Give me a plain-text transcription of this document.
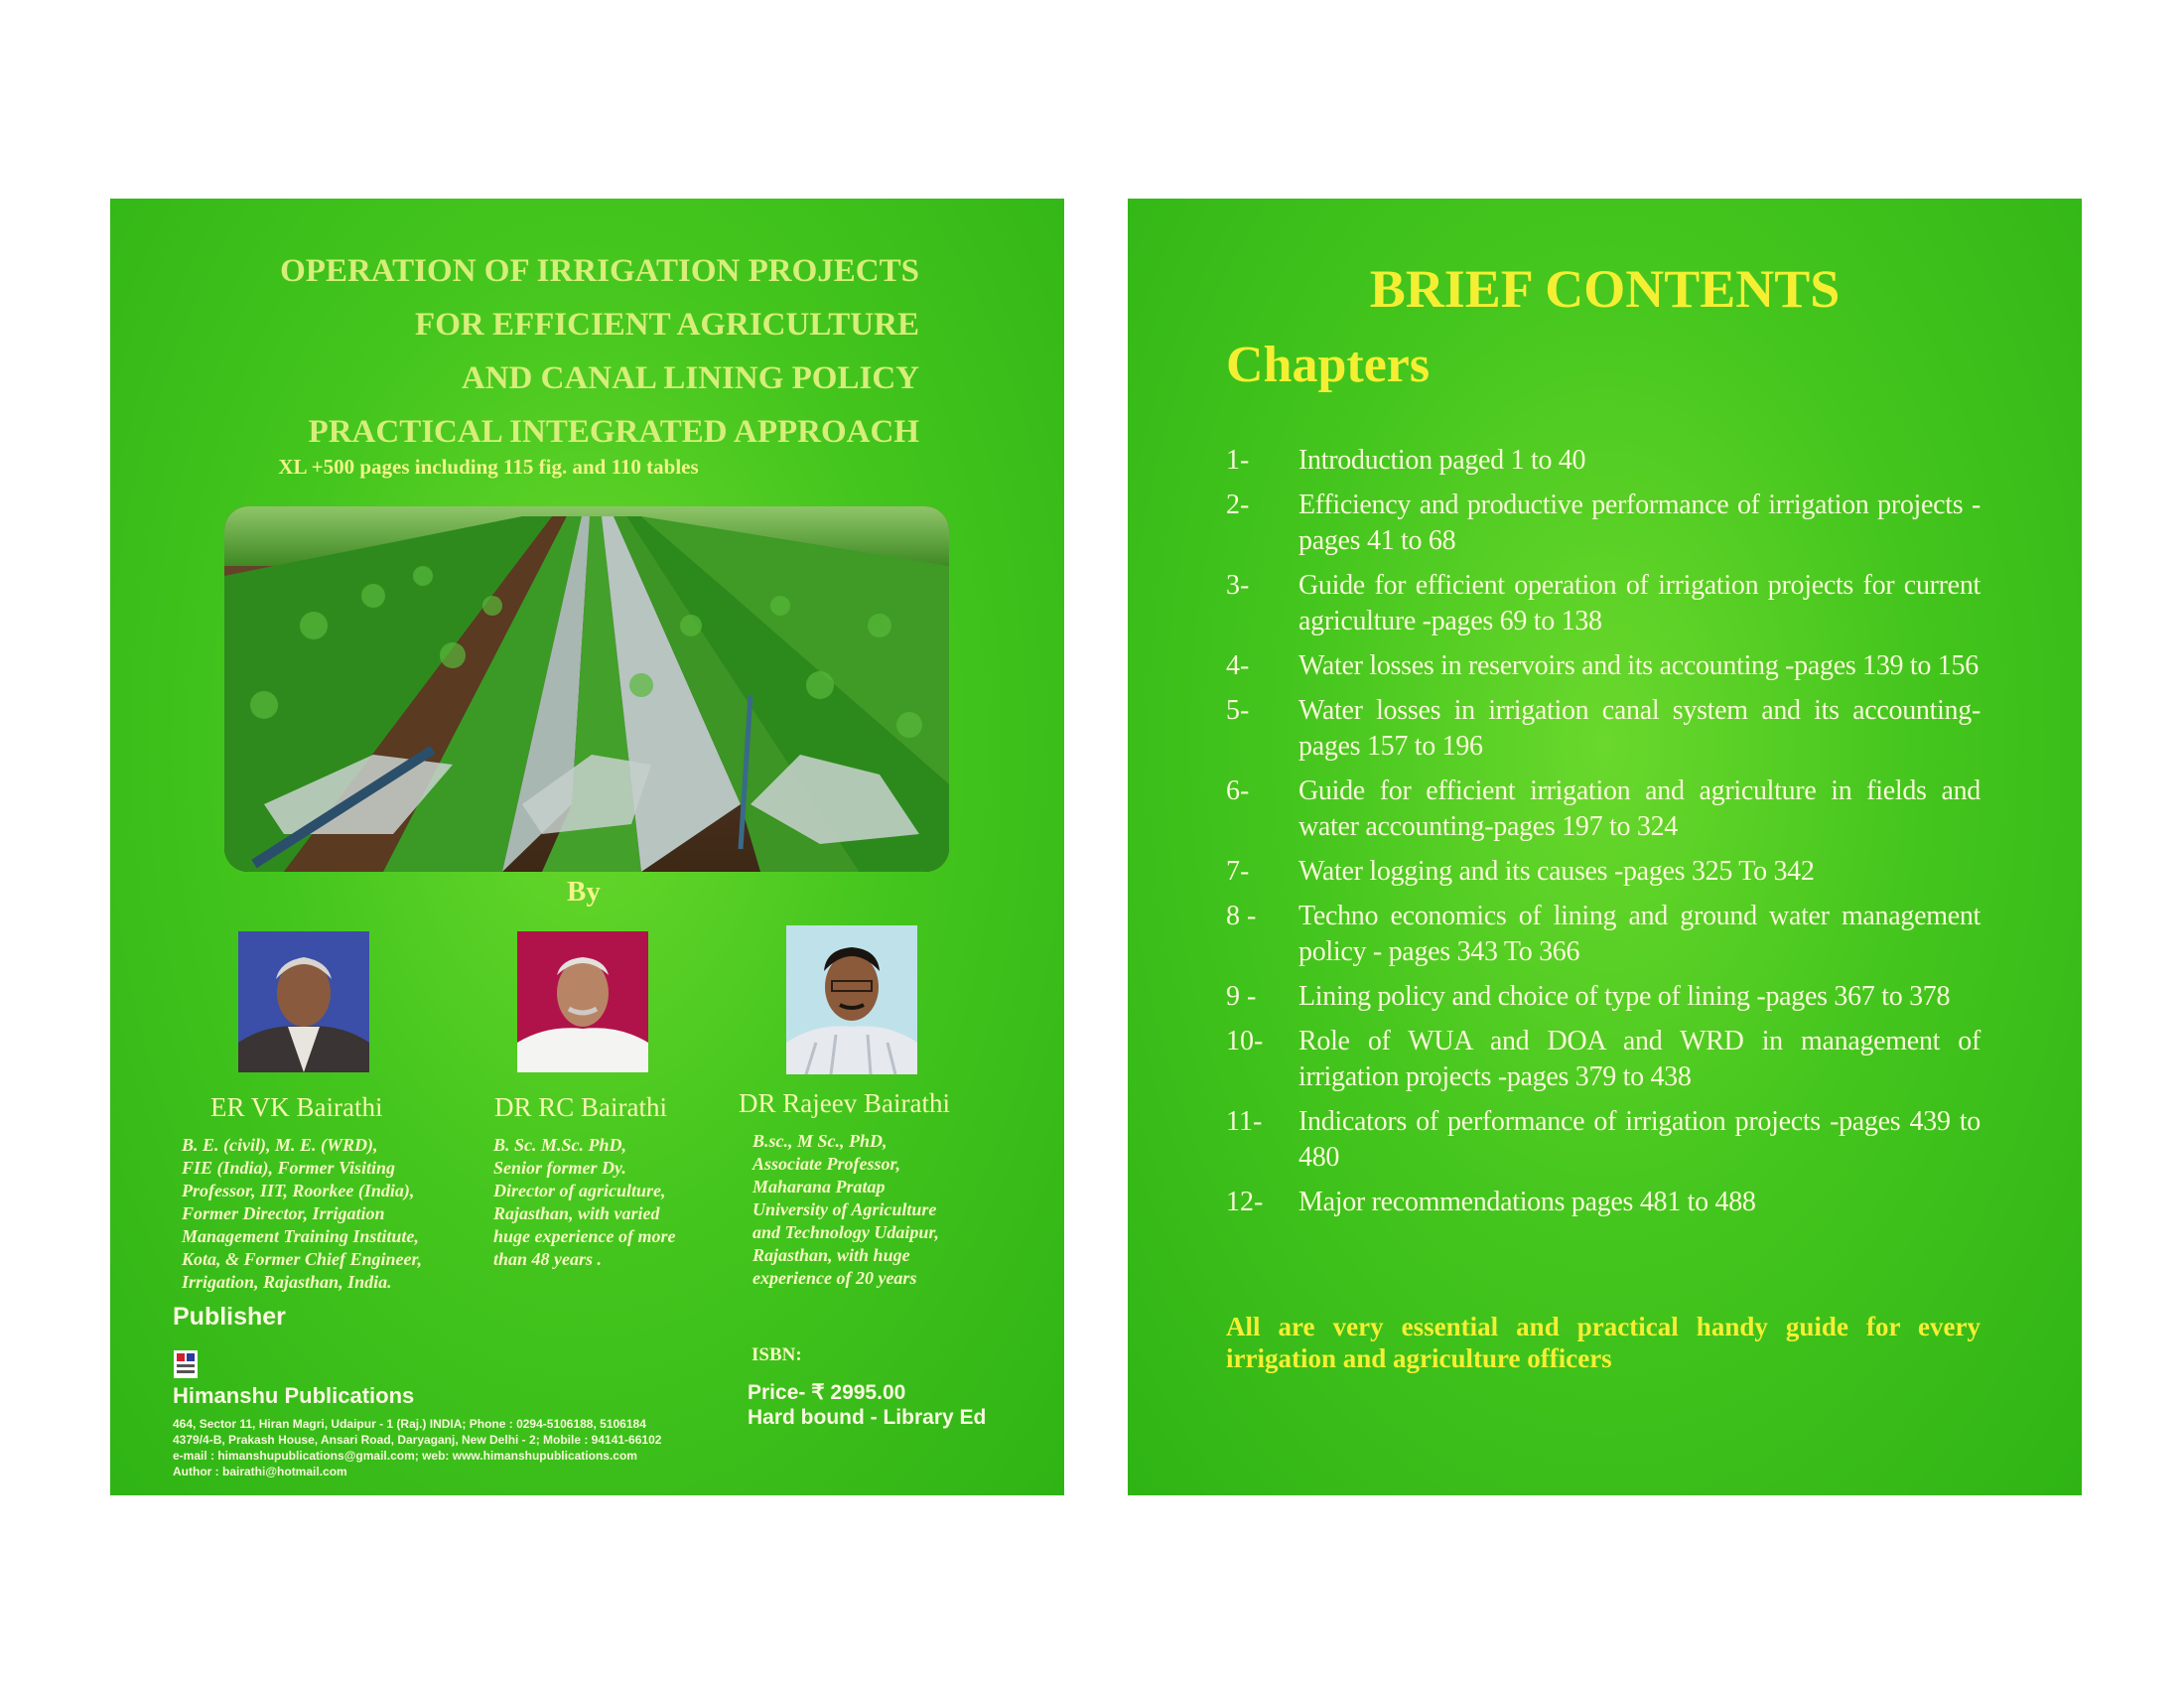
OPERATION OF IRRIGATION PROJECTS
FOR EFFICIENT AGRICULTURE
AND CANAL LINING POLICY
PRACTICAL INTEGRATED APPROACH
XL +500 pages including 115 fig. and 110 tables
By
ER VK Bairathi
B. E. (civil), M. E. (WRD),
FIE (India), Former Visiting
Professor, IIT, Roorkee (India),
Former Director, Irrigation
Management Training Institute,
Kota, & Former Chief Engineer,
Irrigation, Rajasthan, India.
DR RC Bairathi
B. Sc. M.Sc. PhD,
Senior former Dy.
Director of agriculture,
Rajasthan, with varied
huge experience of more
than 48 years .
DR Rajeev Bairathi
B.sc., M Sc., PhD,
Associate Professor,
Maharana Pratap
University of Agriculture
and Technology Udaipur,
Rajasthan, with huge
experience of 20 years
Publisher
Himanshu Publications
464, Sector 11, Hiran Magri, Udaipur - 1 (Raj.) INDIA; Phone : 0294-5106188, 5106184
4379/4-B, Prakash House, Ansari Road, Daryaganj, New Delhi - 2; Mobile : 94141-66102
e-mail : himanshupublications@gmail.com; web: www.himanshupublications.com
Author : bairathi@hotmail.com
ISBN:
Price- ₹ 2995.00
Hard bound - Library Ed
BRIEF CONTENTS
Chapters
1- Introduction paged 1 to 40
2- Efficiency and productive performance of irrigation projects -pages 41 to 68
3- Guide for efficient operation of irrigation projects for current agriculture -pages 69 to 138
4- Water losses in reservoirs and its accounting -pages 139 to 156
5- Water losses in irrigation canal system and its accounting-pages 157 to 196
6- Guide for efficient irrigation and agriculture in fields and water accounting-pages 197 to 324
7- Water logging and its causes -pages 325 To 342
8 - Techno economics of lining and ground water management policy - pages 343 To 366
9 - Lining policy and choice of type of lining -pages 367 to 378
10- Role of WUA and DOA and WRD in management of irrigation projects -pages 379 to 438
11- Indicators of performance of irrigation projects -pages 439 to 480
12- Major recommendations pages 481 to 488
All are very essential and practical handy guide for every irrigation and agriculture officers
